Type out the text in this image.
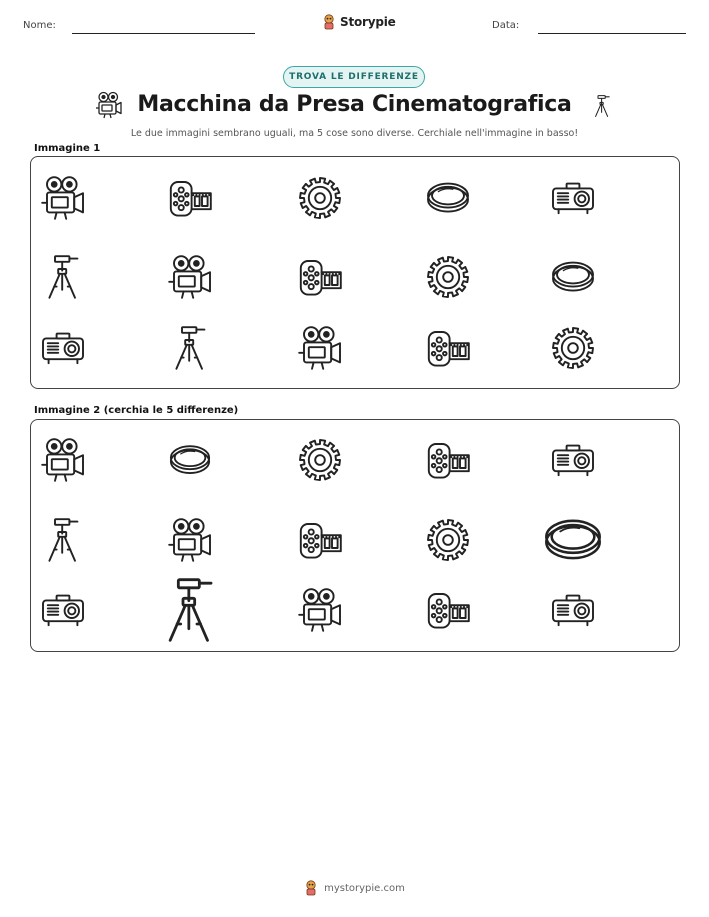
Nome:	Storypie	Data:
TROVA LE DIFFERENZE
Macchina da Presa Cinematografica
Le due immagini sembrano uguali, ma 5 cose sono diverse. Cerchiale nell'immagine in basso!
Immagine 1
Immagine 2 (cerchia le 5 differenze)
mystorypie.com
